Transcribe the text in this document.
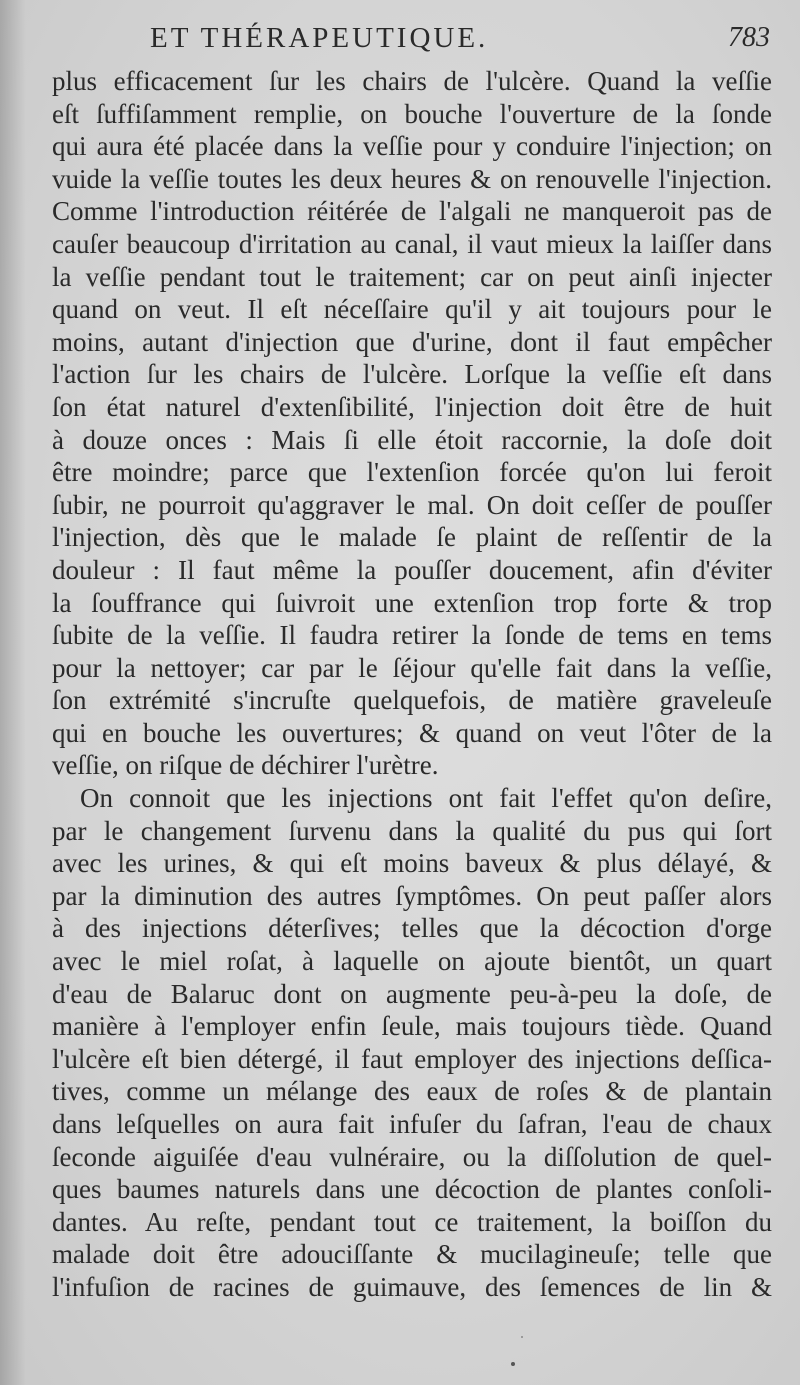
ET THÉRAPEUTIQUE.	783
plus efficacement ſur les chairs de l'ulcère. Quand la veſſie
eſt ſuffiſamment remplie, on bouche l'ouverture de la ſonde
qui aura été placée dans la veſſie pour y conduire l'injection; on
vuide la veſſie toutes les deux heures & on renouvelle l'injection.
Comme l'introduction réitérée de l'algali ne manqueroit pas de
cauſer beaucoup d'irritation au canal, il vaut mieux la laiſſer dans
la veſſie pendant tout le traitement; car on peut ainſi injecter
quand on veut. Il eſt néceſſaire qu'il y ait toujours pour le
moins, autant d'injection que d'urine, dont il faut empêcher
l'action ſur les chairs de l'ulcère. Lorſque la veſſie eſt dans
ſon état naturel d'extenſibilité, l'injection doit être de huit
à douze onces : Mais ſi elle étoit raccornie, la doſe doit
être moindre; parce que l'extenſion forcée qu'on lui feroit
ſubir, ne pourroit qu'aggraver le mal. On doit ceſſer de pouſſer
l'injection, dès que le malade ſe plaint de reſſentir de la
douleur : Il faut même la pouſſer doucement, afin d'éviter
la ſouffrance qui ſuivroit une extenſion trop forte & trop
ſubite de la veſſie. Il faudra retirer la ſonde de tems en tems
pour la nettoyer; car par le ſéjour qu'elle fait dans la veſſie,
ſon extrémité s'incruſte quelquefois, de matière graveleuſe
qui en bouche les ouvertures; & quand on veut l'ôter de la
veſſie, on riſque de déchirer l'urètre.
On connoit que les injections ont fait l'effet qu'on deſire,
par le changement ſurvenu dans la qualité du pus qui ſort
avec les urines, & qui eſt moins baveux & plus délayé, &
par la diminution des autres ſymptômes. On peut paſſer alors
à des injections déterſives; telles que la décoction d'orge
avec le miel roſat, à laquelle on ajoute bientôt, un quart
d'eau de Balaruc dont on augmente peu-à-peu la doſe, de
manière à l'employer enfin ſeule, mais toujours tiède. Quand
l'ulcère eſt bien détergé, il faut employer des injections deſſica-
tives, comme un mélange des eaux de roſes & de plantain
dans leſquelles on aura fait infuſer du ſafran, l'eau de chaux
ſeconde aiguiſée d'eau vulnéraire, ou la diſſolution de quel-
ques baumes naturels dans une décoction de plantes conſoli-
dantes. Au reſte, pendant tout ce traitement, la boiſſon du
malade doit être adouciſſante & mucilagineuſe; telle que
l'infuſion de racines de guimauve, des ſemences de lin &
